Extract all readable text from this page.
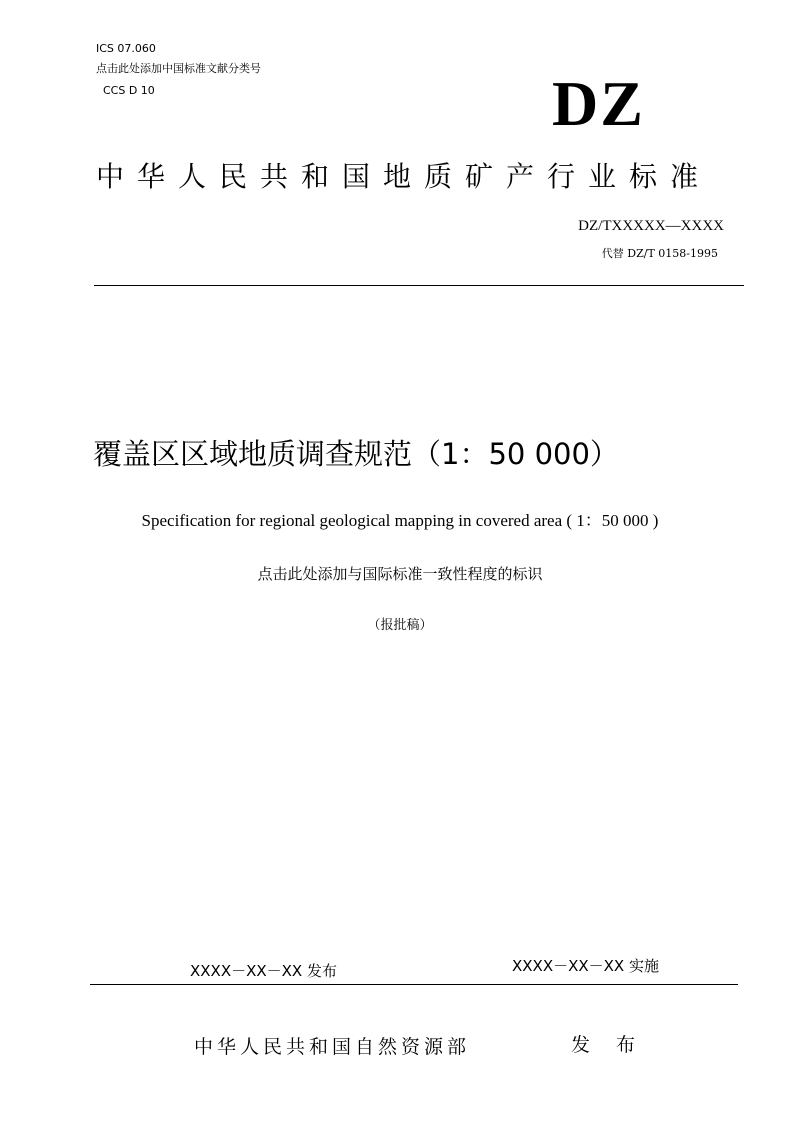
ICS 07.060
点击此处添加中国标准文献分类号
CCS D 10	DZ
中华人民共和国地质矿产行业标准
DZ/TXXXXX—XXXX
代替 DZ/T 0158-1995
覆盖区区域地质调查规范（1：50 000）
Specification for regional geological mapping in covered area ( 1：50 000 )
点击此处添加与国际标准一致性程度的标识
（报批稿）
XXXX－XX－XX 发布	XXXX－XX－XX 实施
中华人民共和国自然资源部	发 布
